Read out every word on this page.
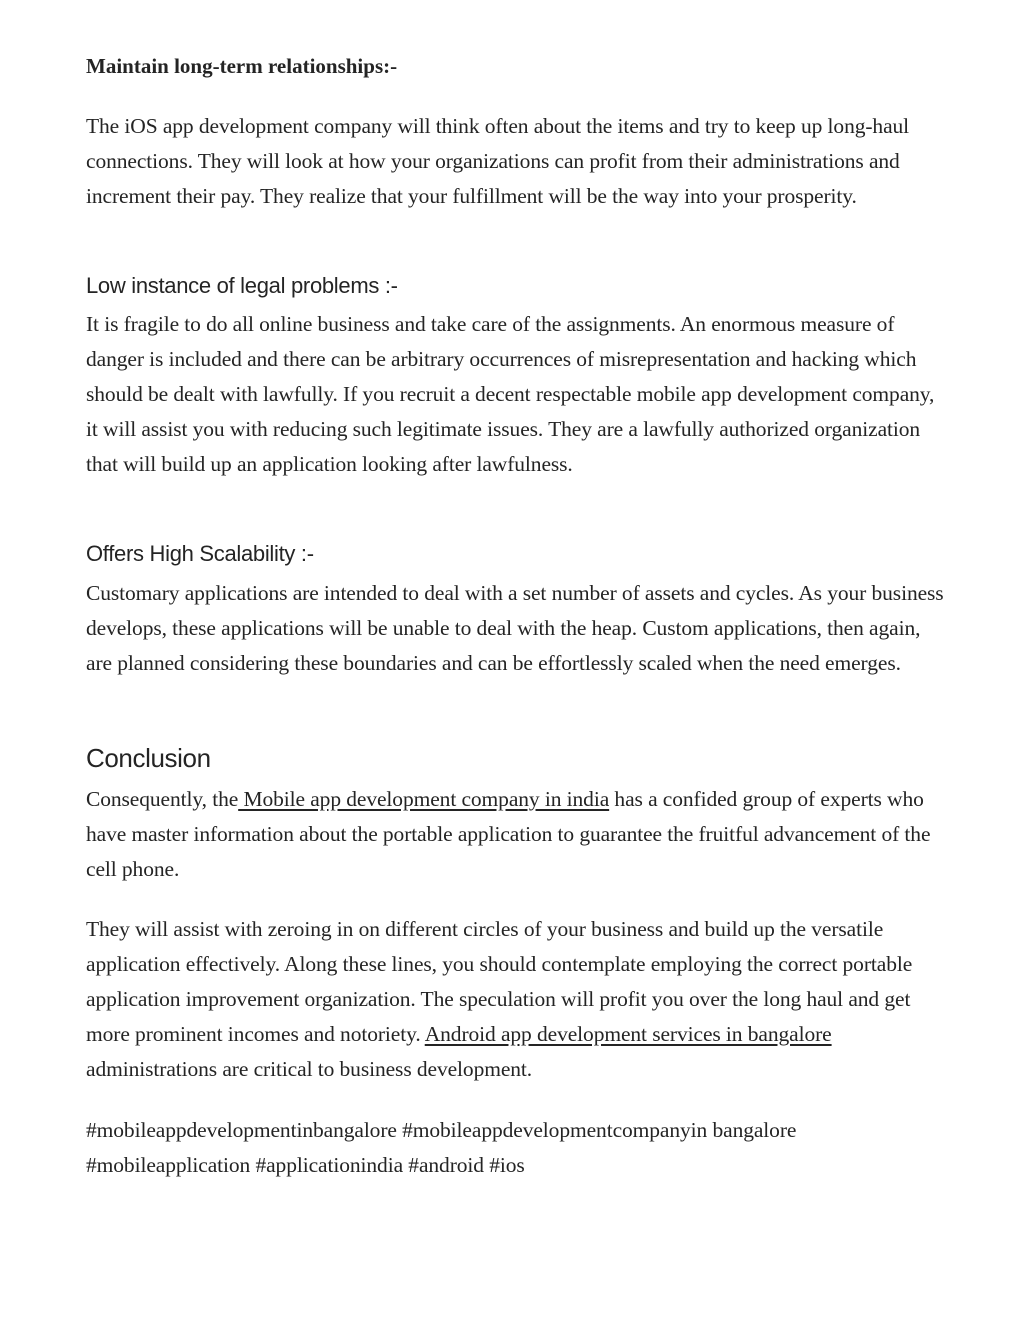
Maintain long-term relationships:-

The iOS app development company will think often about the items and try to keep up long-haul connections. They will look at how your organizations can profit from their administrations and increment their pay. They realize that your fulfillment will be the way into your prosperity.

Low instance of legal problems :-

It is fragile to do all online business and take care of the assignments. An enormous measure of danger is included and there can be arbitrary occurrences of misrepresentation and hacking which should be dealt with lawfully. If you recruit a decent respectable mobile app development company, it will assist you with reducing such legitimate issues. They are a lawfully authorized organization that will build up an application looking after lawfulness.

Offers High Scalability :-

Customary applications are intended to deal with a set number of assets and cycles. As your business develops, these applications will be unable to deal with the heap. Custom applications, then again, are planned considering these boundaries and can be effortlessly scaled when the need emerges.

Conclusion

Consequently, the Mobile app development company in india has a confided group of experts who have master information about the portable application to guarantee the fruitful advancement of the cell phone.

They will assist with zeroing in on different circles of your business and build up the versatile application effectively. Along these lines, you should contemplate employing the correct portable application improvement organization. The speculation will profit you over the long haul and get more prominent incomes and notoriety. Android app development services in bangalore administrations are critical to business development.

#mobileappdevelopmentinbangalore #mobileappdevelopmentcompanyin bangalore
#mobileapplication #applicationindia #android #ios
